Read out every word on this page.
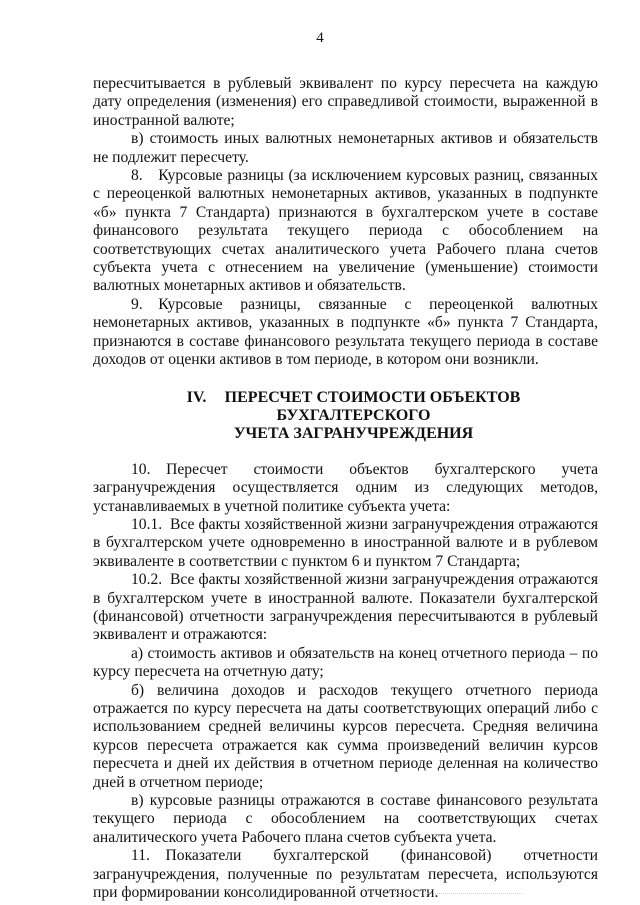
4

пересчитывается в рублевый эквивалент по курсу пересчета на каждую дату определения (изменения) его справедливой стоимости, выраженной в иностранной валюте;

в) стоимость иных валютных немонетарных активов и обязательств не подлежит пересчету.

8. Курсовые разницы (за исключением курсовых разниц, связанных с переоценкой валютных немонетарных активов, указанных в подпункте «б» пункта 7 Стандарта) признаются в бухгалтерском учете в составе финансового результата текущего периода с обособлением на соответствующих счетах аналитического учета Рабочего плана счетов субъекта учета с отнесением на увеличение (уменьшение) стоимости валютных монетарных активов и обязательств.

9. Курсовые разницы, связанные с переоценкой валютных немонетарных активов, указанных в подпункте «б» пункта 7 Стандарта, признаются в составе финансового результата текущего периода в составе доходов от оценки активов в том периоде, в котором они возникли.

IV. ПЕРЕСЧЕТ СТОИМОСТИ ОБЪЕКТОВ БУХГАЛТЕРСКОГО
УЧЕТА ЗАГРАНУЧРЕЖДЕНИЯ

10. Пересчет стоимости объектов бухгалтерского учета загранучреждения осуществляется одним из следующих методов, устанавливаемых в учетной политике субъекта учета:

10.1. Все факты хозяйственной жизни загранучреждения отражаются в бухгалтерском учете одновременно в иностранной валюте и в рублевом эквиваленте в соответствии с пунктом 6 и пунктом 7 Стандарта;

10.2. Все факты хозяйственной жизни загранучреждения отражаются в бухгалтерском учете в иностранной валюте. Показатели бухгалтерской (финансовой) отчетности загранучреждения пересчитываются в рублевый эквивалент и отражаются:

а) стоимость активов и обязательств на конец отчетного периода – по курсу пересчета на отчетную дату;

б) величина доходов и расходов текущего отчетного периода отражается по курсу пересчета на даты соответствующих операций либо с использованием средней величины курсов пересчета. Средняя величина курсов пересчета отражается как сумма произведений величин курсов пересчета и дней их действия в отчетном периоде деленная на количество дней в отчетном периоде;

в) курсовые разницы отражаются в составе финансового результата текущего периода с обособлением на соответствующих счетах аналитического учета Рабочего плана счетов субъекта учета.

11. Показатели бухгалтерской (финансовой) отчетности загранучреждения, полученные по результатам пересчета, используются при формировании консолидированной отчетности.
